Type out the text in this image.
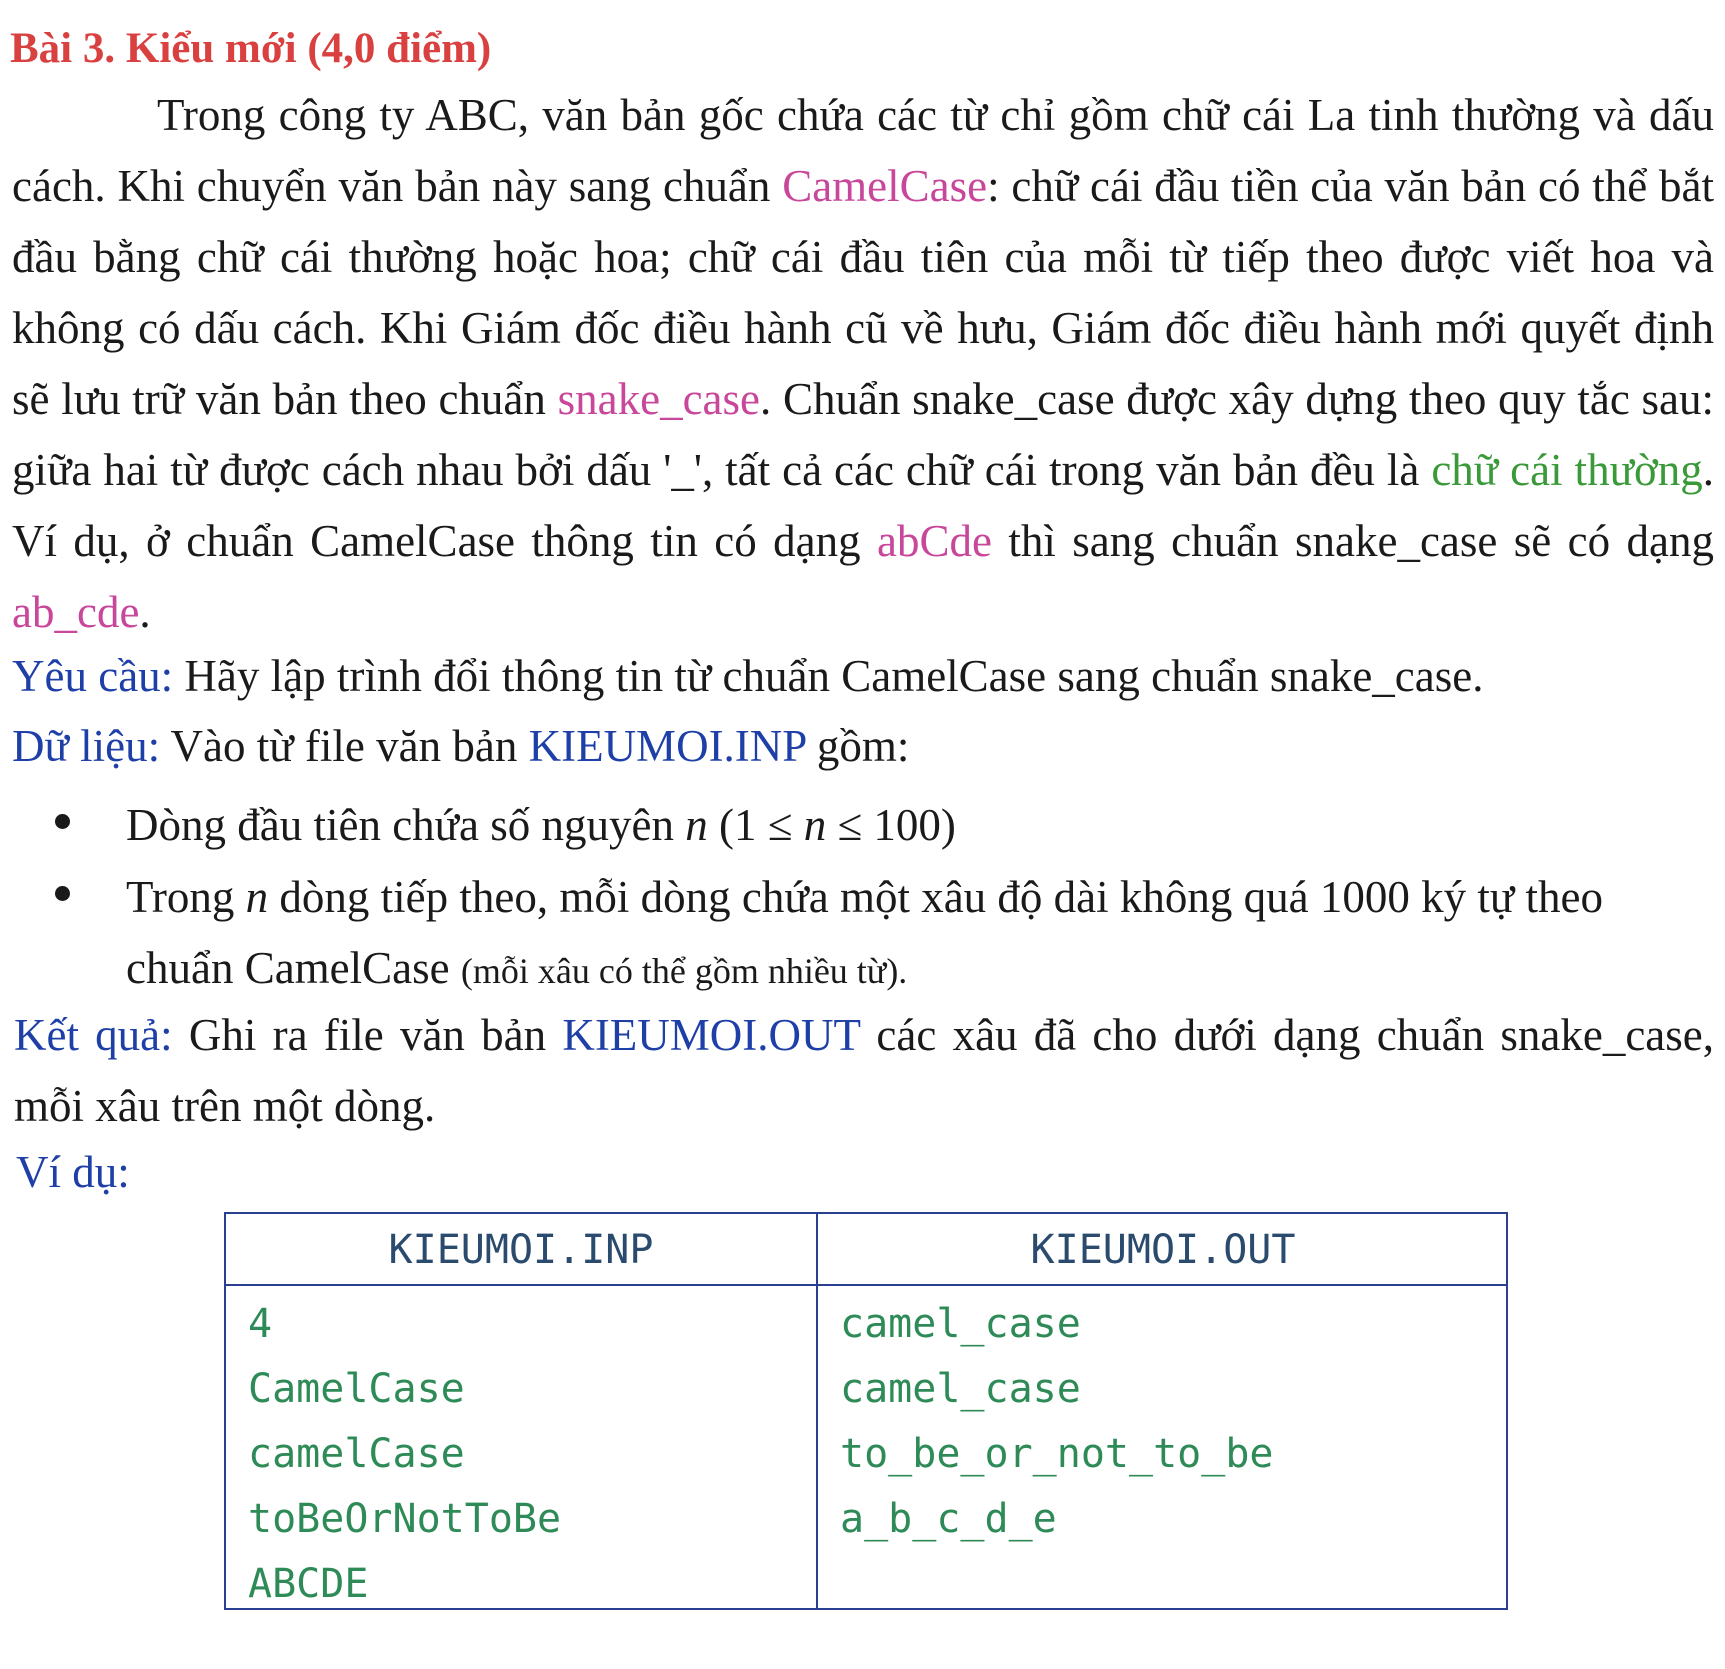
Bài 3. Kiểu mới (4,0 điểm)
Trong công ty ABC, văn bản gốc chứa các từ chỉ gồm chữ cái La tinh thường và dấu cách. Khi chuyển văn bản này sang chuẩn CamelCase: chữ cái đầu tiền của văn bản có thể bắt đầu bằng chữ cái thường hoặc hoa; chữ cái đầu tiên của mỗi từ tiếp theo được viết hoa và không có dấu cách. Khi Giám đốc điều hành cũ về hưu, Giám đốc điều hành mới quyết định sẽ lưu trữ văn bản theo chuẩn snake_case. Chuẩn snake_case được xây dựng theo quy tắc sau: giữa hai từ được cách nhau bởi dấu '_', tất cả các chữ cái trong văn bản đều là chữ cái thường. Ví dụ, ở chuẩn CamelCase thông tin có dạng abCde thì sang chuẩn snake_case sẽ có dạng ab_cde.
Yêu cầu: Hãy lập trình đổi thông tin từ chuẩn CamelCase sang chuẩn snake_case.
Dữ liệu: Vào từ file văn bản KIEUMOI.INP gồm:
Dòng đầu tiên chứa số nguyên n (1 ≤ n ≤ 100)
Trong n dòng tiếp theo, mỗi dòng chứa một xâu độ dài không quá 1000 ký tự theo chuẩn CamelCase (mỗi xâu có thể gồm nhiều từ).
Kết quả: Ghi ra file văn bản KIEUMOI.OUT các xâu đã cho dưới dạng chuẩn snake_case, mỗi xâu trên một dòng.
Ví dụ:
KIEUMOI.INP	KIEUMOI.OUT
4
CamelCase
camelCase
toBeOrNotToBe
ABCDE
camel_case
camel_case
to_be_or_not_to_be
a_b_c_d_e
